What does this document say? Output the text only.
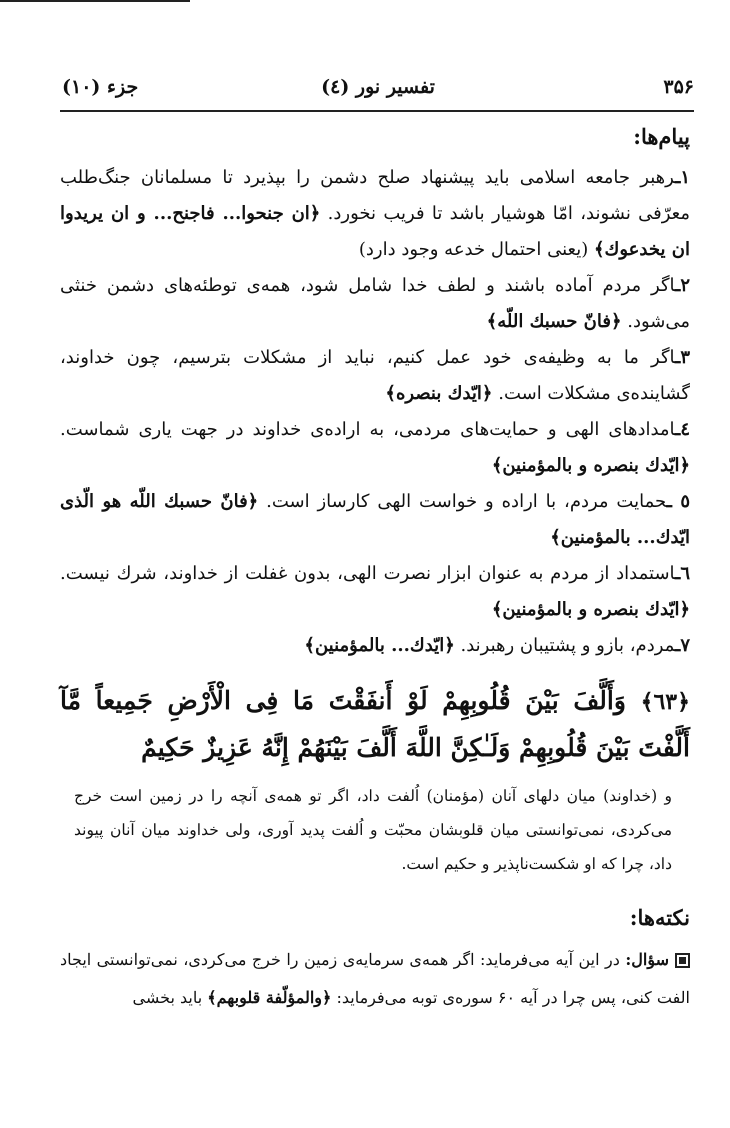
۳۵۶
تفسير نور (٤)
جزء (١٠)
پيام‌ها:

١ـرهبر جامعه اسلامى بايد پيشنهاد صلح دشمن را بپذيرد تا مسلمانان جنگ‌طلب معرّفى نشوند، امّا هوشيار باشد تا فريب نخورد. ﴿ان جنحوا... فاجنح... و ان يريدوا ان يخدعوك﴾ (يعنى احتمال خدعه وجود دارد)

٢ـاگر مردم آماده باشند و لطف خدا شامل شود، همه‌ى توطئه‌هاى دشمن خنثى مى‌شود. ﴿فانّ حسبك اللّه﴾

٣ـاگر ما به وظيفه‌ى خود عمل كنيم، نبايد از مشكلات بترسيم، چون خداوند، گشاينده‌ى مشكلات است. ﴿ايّدك بنصره﴾

٤ـامدادهاى الهى و حمايت‌هاى مردمى، به اراده‌ى خداوند در جهت يارى شماست. ﴿ايّدك بنصره و بالمؤمنين﴾

٥ ـحمايت مردم، با اراده و خواست الهى كارساز است. ﴿فانّ حسبك اللّه هو الّذى ايّدك... بالمؤمنين﴾

٦ـاستمداد از مردم به عنوان ابزار نصرت الهى، بدون غفلت از خداوند، شرك نيست. ﴿ايّدك بنصره و بالمؤمنين﴾

٧ـمردم، بازو و پشتيبان رهبرند. ﴿ايّدك... بالمؤمنين﴾

﴿٦٣﴾ وَأَلَّفَ بَيْنَ قُلُوبِهِمْ لَوْ أَنفَقْتَ مَا فِى الْأَرْضِ جَمِيعاً مَّآ أَلَّفْتَ بَيْنَ قُلُوبِهِمْ وَلَـٰكِنَّ اللَّهَ أَلَّفَ بَيْنَهُمْ إِنَّهُ عَزِيزٌ حَكِيمٌ
و (خداوند) ميان دلهاى آنان (مؤمنان) اُلفت داد، اگر تو همه‌ى آنچه را در زمين است خرج مى‌كردى، نمى‌توانستى ميان قلوبشان محبّت و اُلفت پديد آورى، ولى خداوند ميان آنان پيوند داد، چرا كه او شكست‌ناپذير و حكيم است.
نكته‌ها:
سؤال: در اين آيه مى‌فرمايد: اگر همه‌ى سرمايه‌ى زمين را خرج مى‌كردى، نمى‌توانستى ايجاد الفت كنى، پس چرا در آيه ۶٠ سوره‌ى توبه مى‌فرمايد: ﴿والمؤلّفة قلوبهم﴾ بايد بخشى
